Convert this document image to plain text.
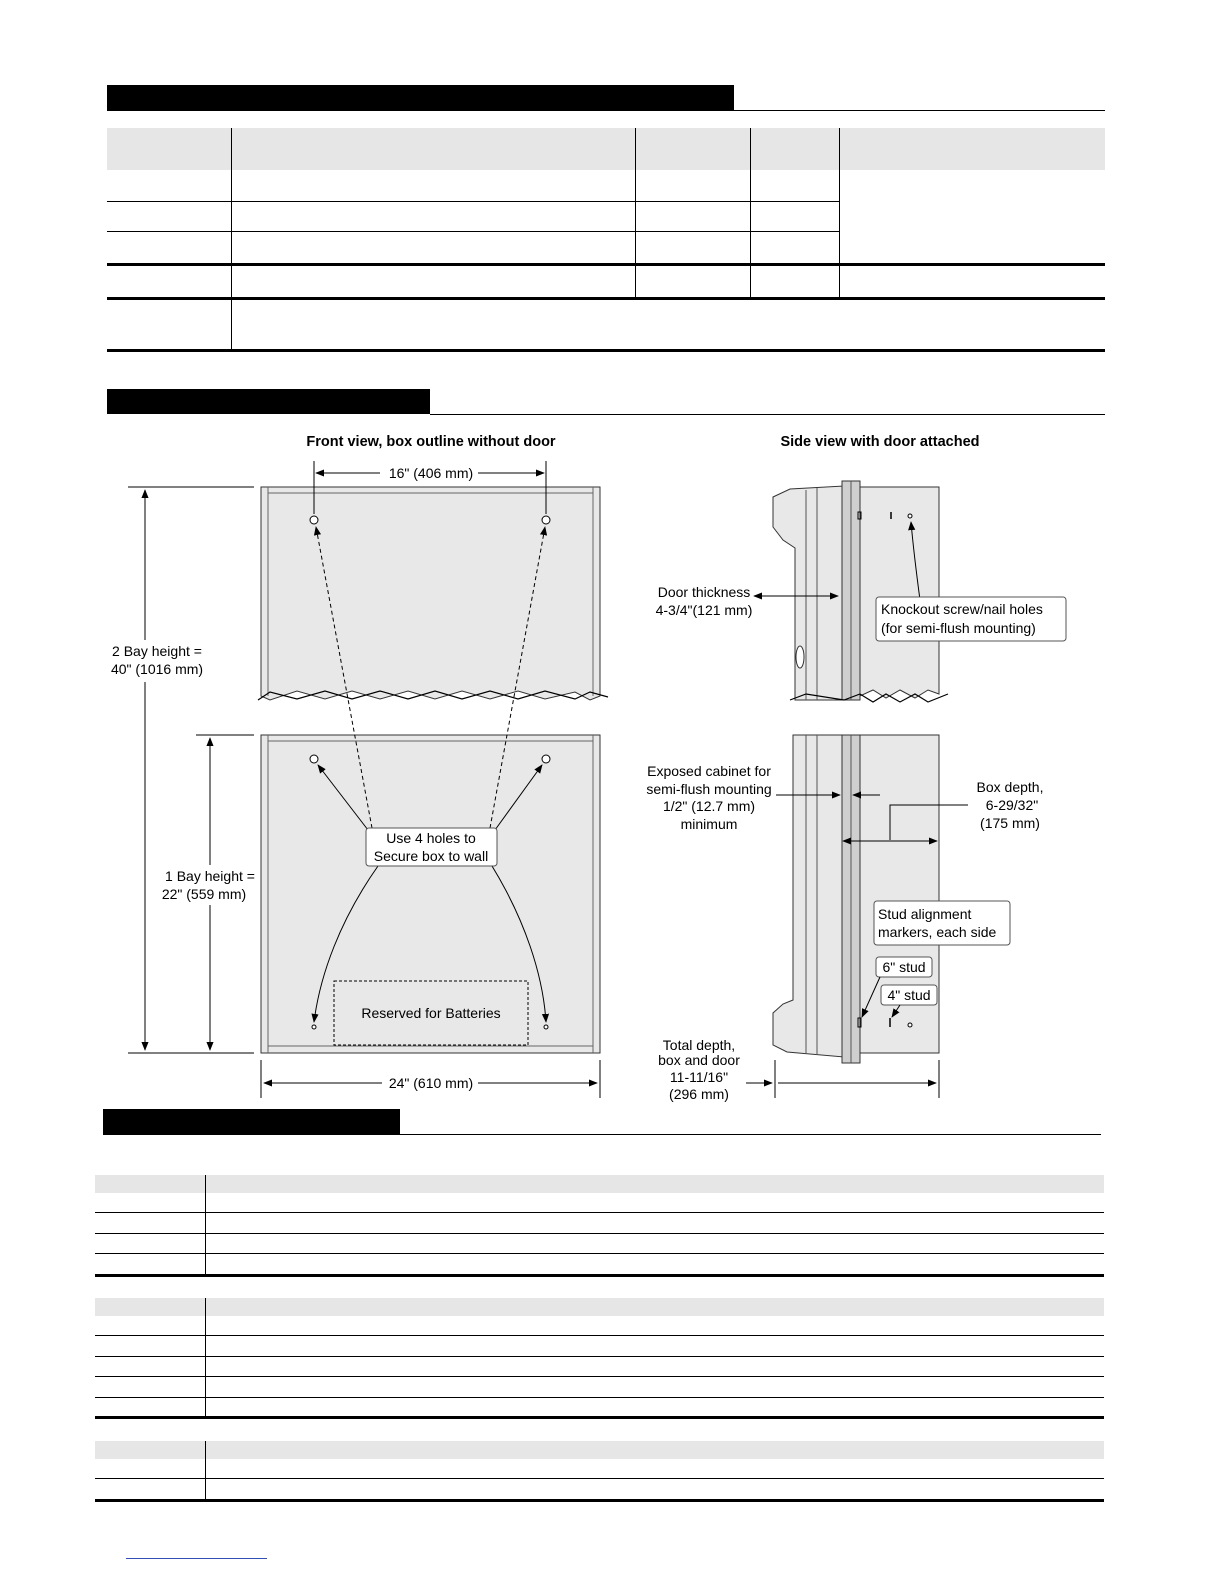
Front view, box outline without door
16" (406 mm)
2 Bay height =
40" (1016 mm)
1 Bay height =
22" (559 mm)
Use 4 holes to
Secure box to wall
Reserved for Batteries
24" (610 mm)
Side view with door attached
Door thickness
4-3/4"(121 mm)	Knockout screw/nail holes
(for semi-flush mounting)
Exposed cabinet for
semi-flush mounting
1/2" (12.7 mm)
minimum
Box depth,
6-29/32"
(175 mm)
Stud alignment
markers, each side
6" stud
4" stud
Total depth,
box and door
11-11/16"
(296 mm)
